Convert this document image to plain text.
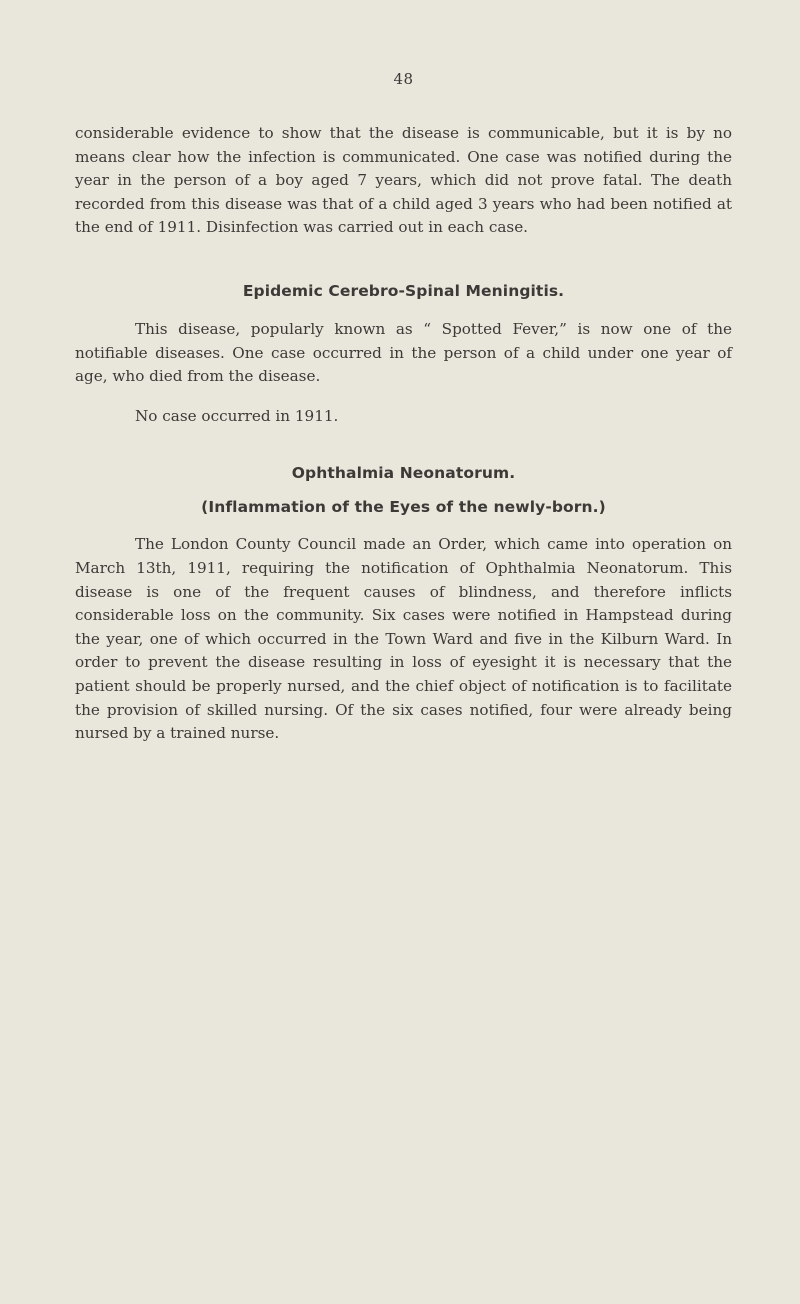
48

considerable evidence to show that the disease is communicable, but it is by no means clear how the infection is communicated. One case was notified during the year in the person of a boy aged 7 years, which did not prove fatal. The death recorded from this disease was that of a child aged 3 years who had been notified at the end of 1911. Disinfection was carried out in each case.

Epidemic Cerebro-Spinal Meningitis.

This disease, popularly known as “ Spotted Fever,” is now one of the notifiable diseases. One case occurred in the person of a child under one year of age, who died from the disease.

No case occurred in 1911.

Ophthalmia Neonatorum.
(Inflammation of the Eyes of the newly-born.)

The London County Council made an Order, which came into operation on March 13th, 1911, requiring the notification of Ophthalmia Neonatorum. This disease is one of the frequent causes of blindness, and therefore inflicts considerable loss on the community. Six cases were notified in Hampstead during the year, one of which occurred in the Town Ward and five in the Kilburn Ward. In order to prevent the disease resulting in loss of eyesight it is necessary that the patient should be properly nursed, and the chief object of notification is to facilitate the provision of skilled nursing. Of the six cases notified, four were already being nursed by a trained nurse.
